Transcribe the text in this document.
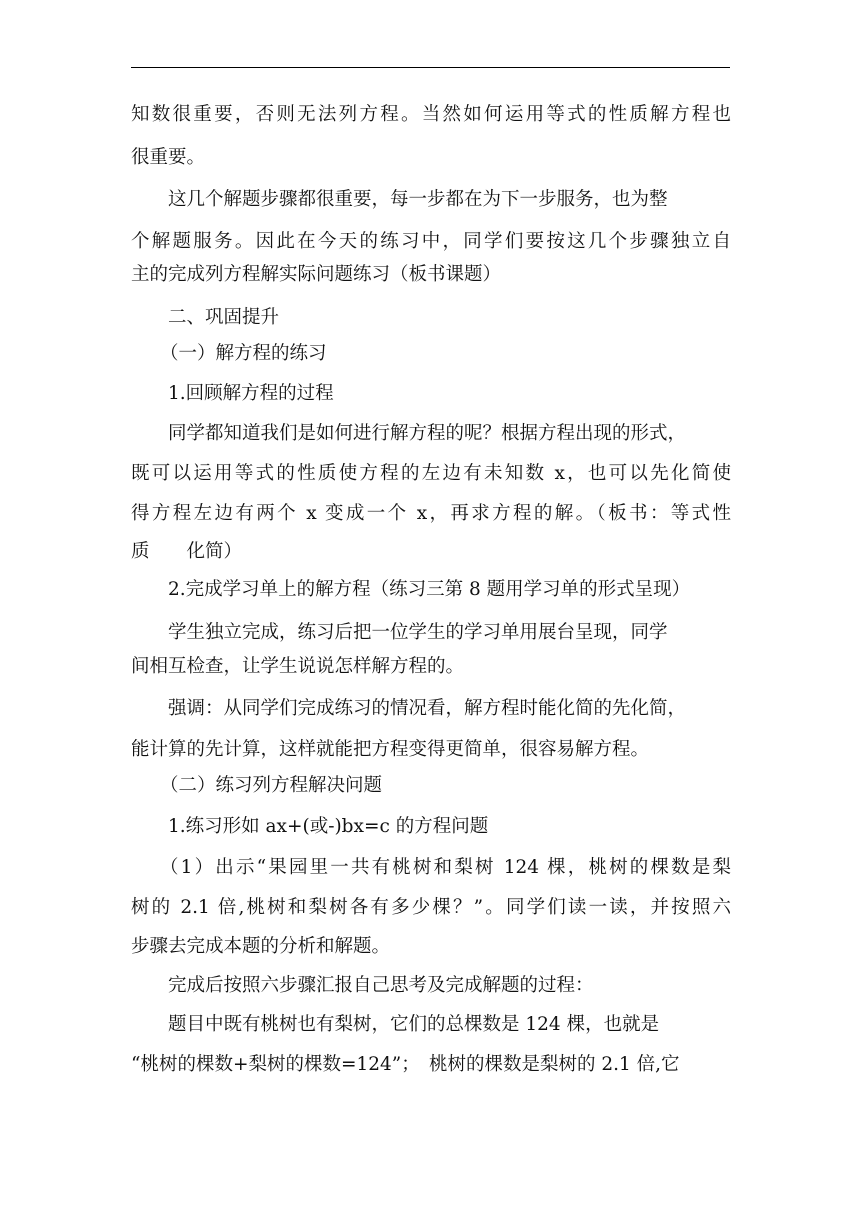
知数很重要，否则无法列方程。当然如何运用等式的性质解方程也
很重要。
这几个解题步骤都很重要，每一步都在为下一步服务，也为整
个解题服务。因此在今天的练习中，同学们要按这几个步骤独立自
主的完成列方程解实际问题练习（板书课题）
二、巩固提升
（一）解方程的练习
1.回顾解方程的过程
同学都知道我们是如何进行解方程的呢？根据方程出现的形式，
既可以运用等式的性质使方程的左边有未知数 x，也可以先化简使
得方程左边有两个 x 变成一个 x，再求方程的解。（板书：等式性
质　　化简）
2.完成学习单上的解方程（练习三第 8 题用学习单的形式呈现）
学生独立完成，练习后把一位学生的学习单用展台呈现，同学
间相互检查，让学生说说怎样解方程的。
强调：从同学们完成练习的情况看，解方程时能化简的先化简，
能计算的先计算，这样就能把方程变得更简单，很容易解方程。
（二）练习列方程解决问题
1.练习形如 ax+(或-)bx=c 的方程问题
（1）出示“果园里一共有桃树和梨树 124 棵，桃树的棵数是梨
树的 2.1 倍,桃树和梨树各有多少棵？”。同学们读一读，并按照六
步骤去完成本题的分析和解题。
完成后按照六步骤汇报自己思考及完成解题的过程：
题目中既有桃树也有梨树，它们的总棵数是 124 棵，也就是
“桃树的棵数+梨树的棵数=124”；　桃树的棵数是梨树的 2.1 倍,它
